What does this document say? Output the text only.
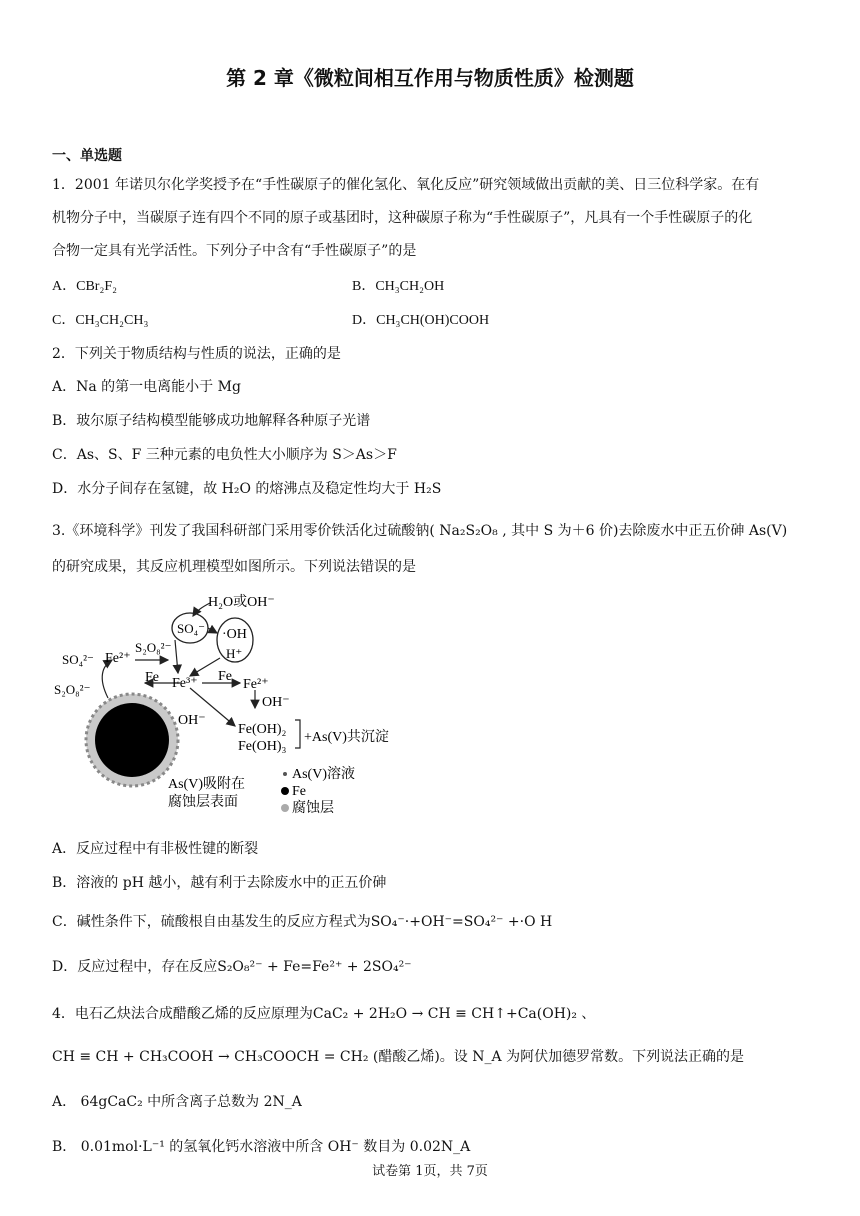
第 2 章《微粒间相互作用与物质性质》检测题
一、单选题
1．2001 年诺贝尔化学奖授予在“手性碳原子的催化氢化、氧化反应”研究领域做出贡献的美、日三位科学家。在有
机物分子中，当碳原子连有四个不同的原子或基团时，这种碳原子称为“手性碳原子”，凡具有一个手性碳原子的化
合物一定具有光学活性。下列分子中含有“手性碳原子”的是
A．CBr₂F₂	B．CH₃CH₂OH
C．CH₃CH₂CH₃	D．CH₃CH(OH)COOH
2．下列关于物质结构与性质的说法，正确的是
A．Na 的第一电离能小于 Mg
B．玻尔原子结构模型能够成功地解释各种原子光谱
C．As、S、F 三种元素的电负性大小顺序为 S＞As＞F
D．水分子间存在氢键，故 H₂O 的熔沸点及稳定性均大于 H₂S
3.《环境科学》刊发了我国科研部门采用零价铁活化过硫酸钠( Na₂S₂O₈ , 其中 S 为＋6 价)去除废水中正五价砷 As(V)
的研究成果，其反应机理模型如图所示。下列说法错误的是
H₂O或OH⁻
SO₄⁻ ·OH
H⁺
S₂O₈²⁻
SO₄²⁻ Fe²⁺
Fe Fe³⁺ Fe
Fe²⁺
S₂O₈²⁻
OH⁻
OH⁻
Fe(OH)₂
Fe(OH)₃
+As(V)共沉淀
As(V)吸附在
腐蚀层表面
As(V)溶液
Fe
腐蚀层
A．反应过程中有非极性键的断裂
B．溶液的 pH 越小，越有利于去除废水中的正五价砷
C．碱性条件下，硫酸根自由基发生的反应方程式为SO₄⁻·+OH⁻=SO₄²⁻ +·O H
D．反应过程中，存在反应S₂O₈²⁻ + Fe=Fe²⁺ + 2SO₄²⁻
4．电石乙炔法合成醋酸乙烯的反应原理为CaC₂ + 2H₂O → CH ≡ CH↑+Ca(OH)₂ 、
CH ≡ CH + CH₃COOH → CH₃COOCH = CH₂ (醋酸乙烯)。设 N_A 为阿伏加德罗常数。下列说法正确的是
A． 64gCaC₂ 中所含离子总数为 2N_A
B． 0.01mol·L⁻¹ 的氢氧化钙水溶液中所含 OH⁻ 数目为 0.02N_A
试卷第 1页，共 7页
